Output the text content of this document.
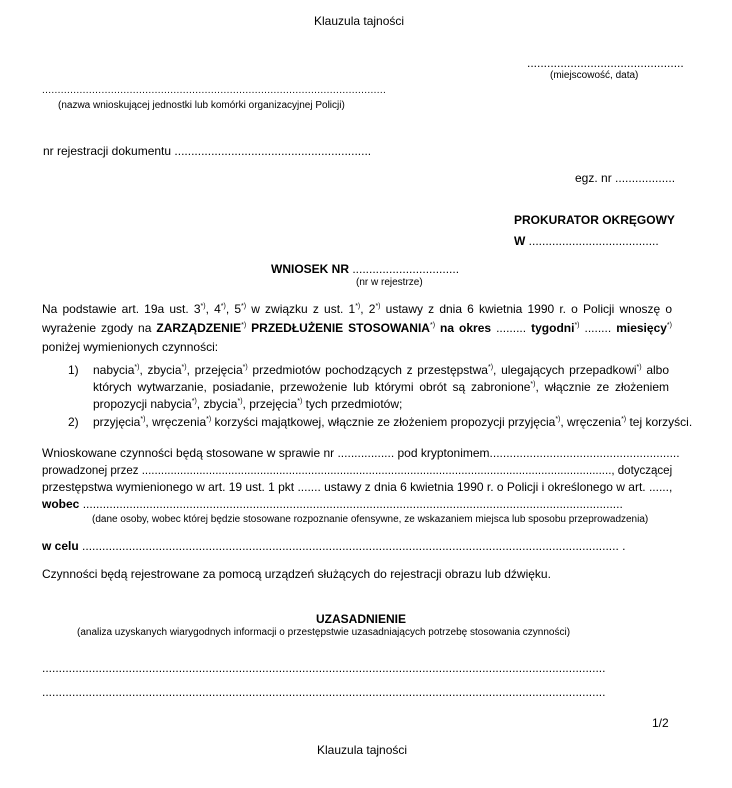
Klauzula tajności
...............................................
(miejscowość, data)
..............................................................................................................
(nazwa wnioskującej jednostki lub komórki organizacyjnej Policji)
nr rejestracji dokumentu ...........................................................
egz. nr ..................
PROKURATOR OKRĘGOWY
W .......................................
WNIOSEK NR ................................
(nr w rejestrze)
Na podstawie art. 19a ust. 3*), 4*), 5*) w związku z ust. 1*), 2*) ustawy z dnia 6 kwietnia 1990 r. o Policji wnoszę o wyrażenie zgody na ZARZĄDZENIE*) PRZEDŁUŻENIE STOSOWANIA*) na okres ......... tygodni*) ........ miesięcy*) poniżej wymienionych czynności:
1) nabycia*), zbycia*), przejęcia*) przedmiotów pochodzących z przestępstwa*), ulegających przepadkowi*) albo których wytwarzanie, posiadanie, przewożenie lub którymi obrót są zabronione*), włącznie ze złożeniem propozycji nabycia*), zbycia*), przejęcia*) tych przedmiotów;
2) przyjęcia*), wręczenia*) korzyści majątkowej, włącznie ze złożeniem propozycji przyjęcia*), wręczenia*) tej korzyści.
Wnioskowane czynności będą stosowane w sprawie nr ................. pod kryptonimem .........................................................
prowadzonej przez ..................................................................................................................................................., dotyczącej
przestępstwa wymienionego w art. 19 ust. 1 pkt ....... ustawy z dnia 6 kwietnia 1990 r. o Policji i określonego w art. ......,
wobec ..................................................................................................................................................................
(dane osoby, wobec której będzie stosowane rozpoznanie ofensywne, ze wskazaniem miejsca lub sposobu przeprowadzenia)
w celu ................................................................................................................................................................. .
Czynności będą rejestrowane za pomocą urządzeń służących do rejestracji obrazu lub dźwięku.
UZASADNIENIE
(analiza uzyskanych wiarygodnych informacji o przestępstwie uzasadniających potrzebę stosowania czynności)
.........................................................................................................................................................................
.........................................................................................................................................................................
1/2
Klauzula tajności
